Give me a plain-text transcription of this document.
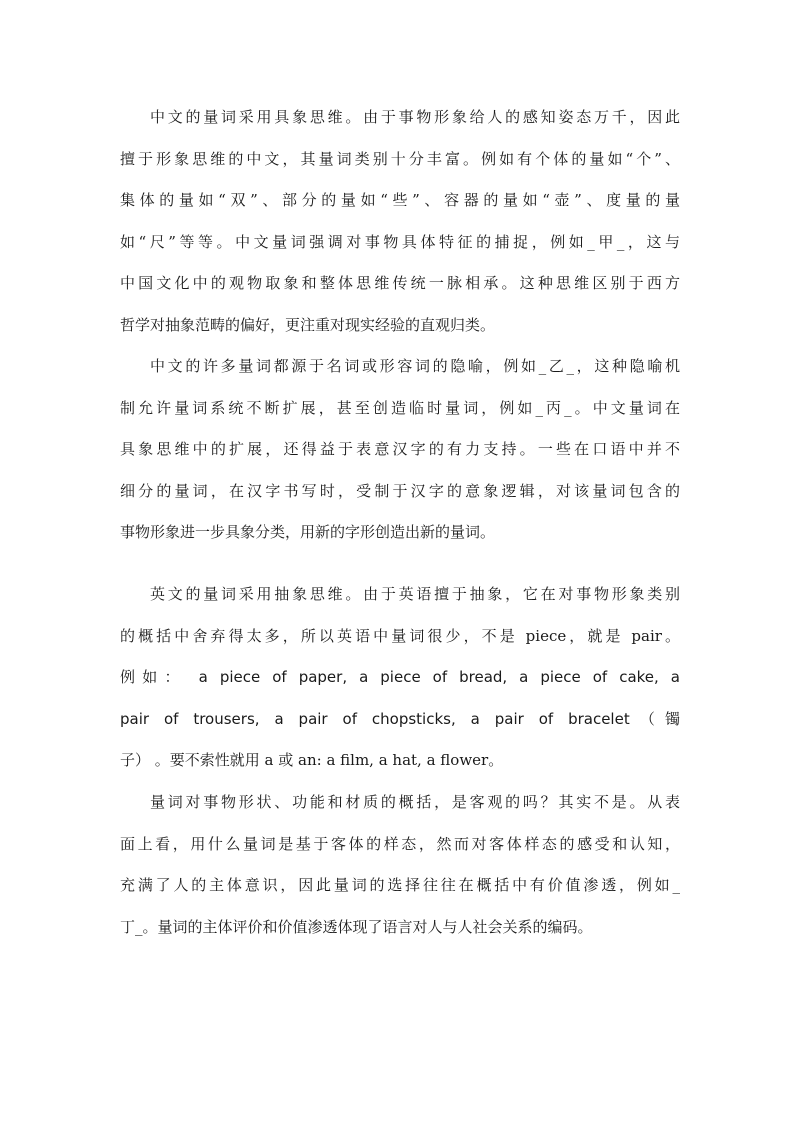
中文的量词采用具象思维。由于事物形象给人的感知姿态万千，因此
擅于形象思维的中文，其量词类别十分丰富。例如有个体的量如“个”、
集体的量如“双”、部分的量如“些”、容器的量如“壶”、度量的量
如“尺”等等。中文量词强调对事物具体特征的捕捉，例如_甲_，这与
中国文化中的观物取象和整体思维传统一脉相承。这种思维区别于西方
哲学对抽象范畴的偏好，更注重对现实经验的直观归类。
中文的许多量词都源于名词或形容词的隐喻，例如_乙_，这种隐喻机
制允许量词系统不断扩展，甚至创造临时量词，例如_丙_。中文量词在
具象思维中的扩展，还得益于表意汉字的有力支持。一些在口语中并不
细分的量词，在汉字书写时，受制于汉字的意象逻辑，对该量词包含的
事物形象进一步具象分类，用新的字形创造出新的量词。
英文的量词采用抽象思维。由于英语擅于抽象，它在对事物形象类别
的概括中舍弃得太多，所以英语中量词很少，不是 piece，就是 pair。
例如： a piece of paper, a piece of bread, a piece of cake, a
pair of trousers, a pair of chopsticks, a pair of bracelet（镯
子） 。要不索性就用 a 或 an: a film, a hat, a flower。
量词对事物形状、功能和材质的概括，是客观的吗？其实不是。从表
面上看，用什么量词是基于客体的样态，然而对客体样态的感受和认知，
充满了人的主体意识，因此量词的选择往往在概括中有价值渗透，例如_
丁_。量词的主体评价和价值渗透体现了语言对人与人社会关系的编码。
